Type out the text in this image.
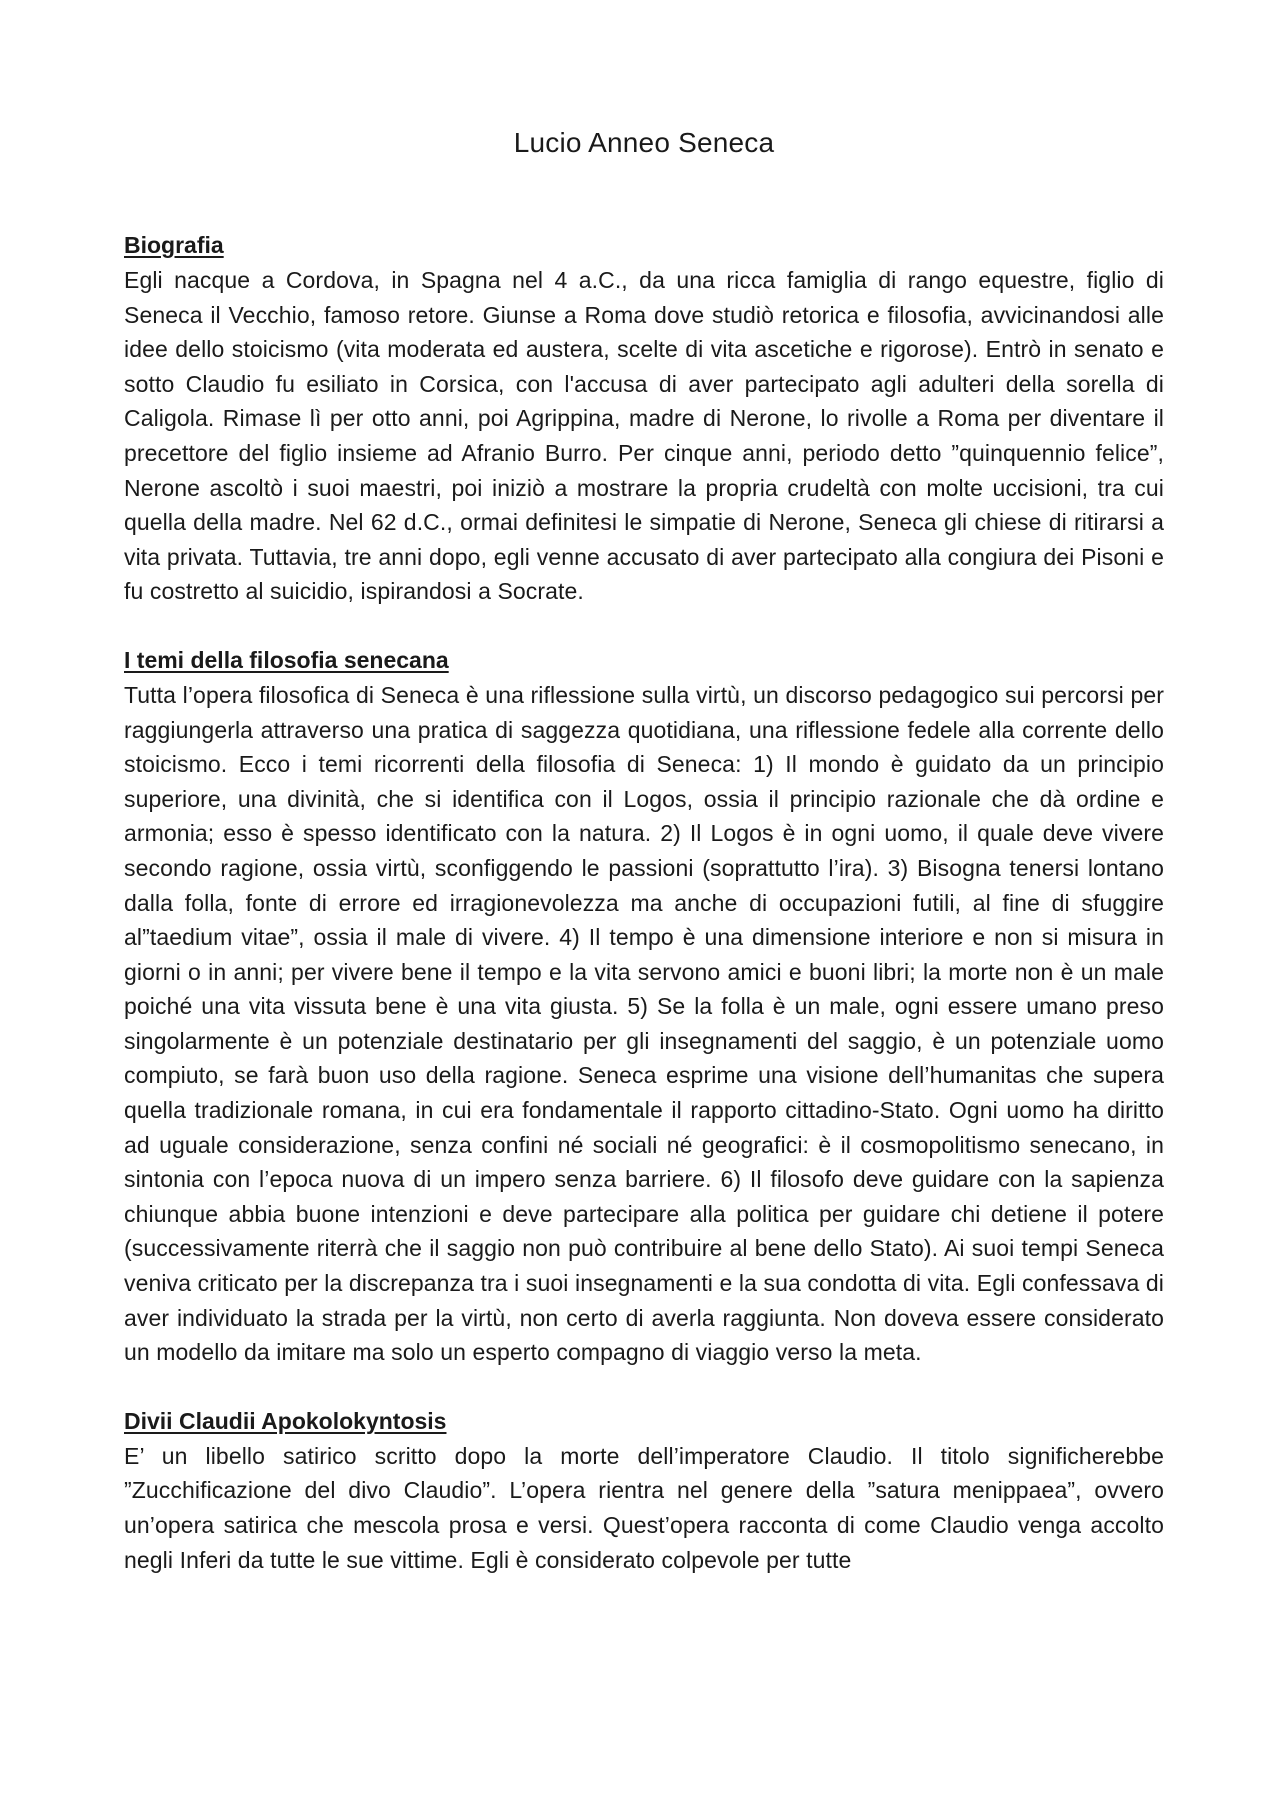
Lucio Anneo Seneca
Biografia

Egli nacque a Cordova, in Spagna nel 4 a.C., da una ricca famiglia di rango equestre, figlio di Seneca il Vecchio, famoso retore. Giunse a Roma dove studiò retorica e filosofia, avvicinandosi alle idee dello stoicismo (vita moderata ed austera, scelte di vita ascetiche e rigorose). Entrò in senato e sotto Claudio fu esiliato in Corsica, con l'accusa di aver partecipato agli adulteri della sorella di Caligola. Rimase lì per otto anni, poi Agrippina, madre di Nerone, lo rivolle a Roma per diventare il precettore del figlio insieme ad Afranio Burro. Per cinque anni, periodo detto ”quinquennio felice”, Nerone ascoltò i suoi maestri, poi iniziò a mostrare la propria crudeltà con molte uccisioni, tra cui quella della madre. Nel 62 d.C., ormai definitesi le simpatie di Nerone, Seneca gli chiese di ritirarsi a vita privata. Tuttavia, tre anni dopo, egli venne accusato di aver partecipato alla congiura dei Pisoni e fu costretto al suicidio, ispirandosi a Socrate.

I temi della filosofia senecana

Tutta l’opera filosofica di Seneca è una riflessione sulla virtù, un discorso pedagogico sui percorsi per raggiungerla attraverso una pratica di saggezza quotidiana, una riflessione fedele alla corrente dello stoicismo. Ecco i temi ricorrenti della filosofia di Seneca: 1) Il mondo è guidato da un principio superiore, una divinità, che si identifica con il Logos, ossia il principio razionale che dà ordine e armonia; esso è spesso identificato con la natura. 2) Il Logos è in ogni uomo, il quale deve vivere secondo ragione, ossia virtù, sconfiggendo le passioni (soprattutto l’ira). 3) Bisogna tenersi lontano dalla folla, fonte di errore ed irragionevolezza ma anche di occupazioni futili, al fine di sfuggire al”taedium vitae”, ossia il male di vivere. 4) Il tempo è una dimensione interiore e non si misura in giorni o in anni; per vivere bene il tempo e la vita servono amici e buoni libri; la morte non è un male poiché una vita vissuta bene è una vita giusta. 5) Se la folla è un male, ogni essere umano preso singolarmente è un potenziale destinatario per gli insegnamenti del saggio, è un potenziale uomo compiuto, se farà buon uso della ragione. Seneca esprime una visione dell’humanitas che supera quella tradizionale romana, in cui era fondamentale il rapporto cittadino-Stato. Ogni uomo ha diritto ad uguale considerazione, senza confini né sociali né geografici: è il cosmopolitismo senecano, in sintonia con l’epoca nuova di un impero senza barriere. 6) Il filosofo deve guidare con la sapienza chiunque abbia buone intenzioni e deve partecipare alla politica per guidare chi detiene il potere (successivamente riterrà che il saggio non può contribuire al bene dello Stato). Ai suoi tempi Seneca veniva criticato per la discrepanza tra i suoi insegnamenti e la sua condotta di vita. Egli confessava di aver individuato la strada per la virtù, non certo di averla raggiunta. Non doveva essere considerato un modello da imitare ma solo un esperto compagno di viaggio verso la meta.

Divii Claudii Apokolokyntosis

E’ un libello satirico scritto dopo la morte dell’imperatore Claudio. Il titolo significherebbe ”Zucchificazione del divo Claudio”. L’opera rientra nel genere della ”satura menippaea”, ovvero un’opera satirica che mescola prosa e versi. Quest’opera racconta di come Claudio venga accolto negli Inferi da tutte le sue vittime. Egli è considerato colpevole per tutte
